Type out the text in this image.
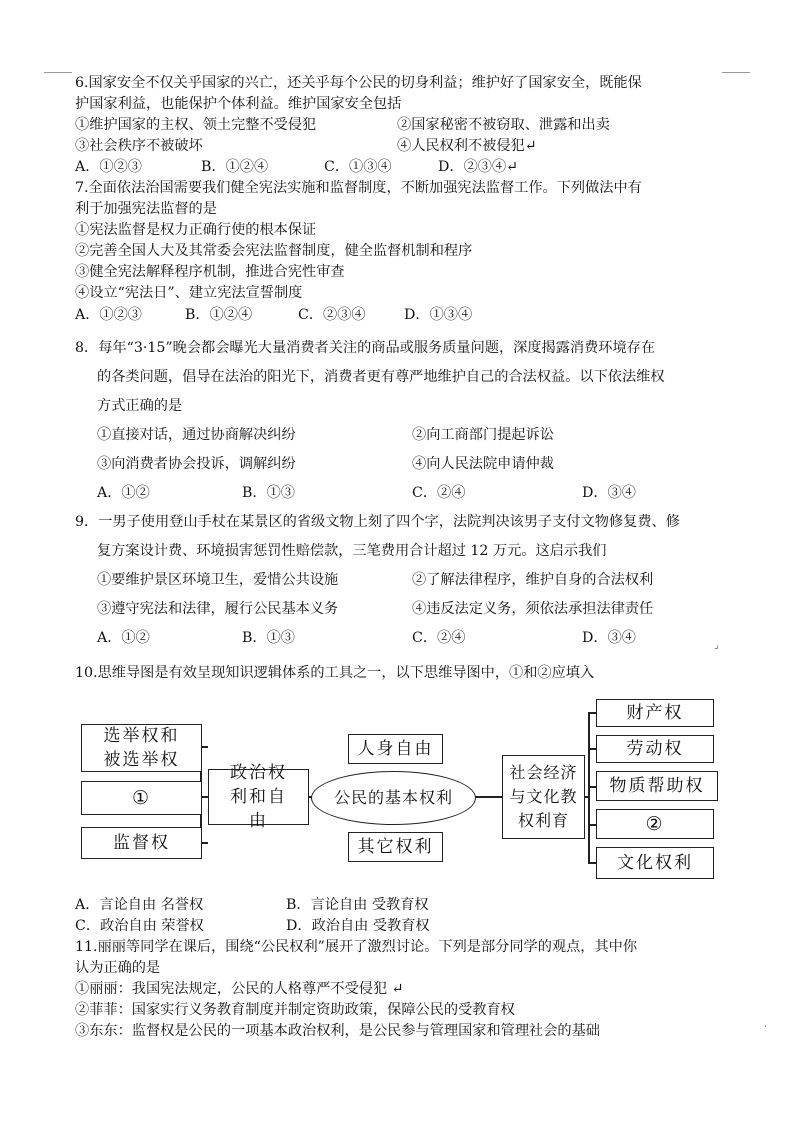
6.国家安全不仅关乎国家的兴亡，还关乎每个公民的切身利益；维护好了国家安全，既能保
护国家利益，也能保护个体利益。维护国家安全包括
①维护国家的主权、领土完整不受侵犯	②国家秘密不被窃取、泄露和出卖
③社会秩序不被破坏	④人民权利不被侵犯↵
A．①②③	B．①②④	C．①③④	D．②③④↵
7.全面依法治国需要我们健全宪法实施和监督制度，不断加强宪法监督工作。下列做法中有
利于加强宪法监督的是
①宪法监督是权力正确行使的根本保证
②完善全国人大及其常委会宪法监督制度，健全监督机制和程序
③健全宪法解释程序机制，推进合宪性审查
④设立“宪法日”、建立宪法宣誓制度
A．①②③	B．①②④	C．②③④	D．①③④
8．每年“3·15”晚会都会曝光大量消费者关注的商品或服务质量问题，深度揭露消费环境存在
的各类问题，倡导在法治的阳光下，消费者更有尊严地维护自己的合法权益。以下依法维权
方式正确的是
①直接对话，通过协商解决纠纷	②向工商部门提起诉讼
③向消费者协会投诉，调解纠纷	④向人民法院申请仲裁
A．①②	B．①③	C．②④	D．③④
9．一男子使用登山手杖在某景区的省级文物上刻了四个字，法院判决该男子支付文物修复费、修
复方案设计费、环境损害惩罚性赔偿款，三笔费用合计超过 12 万元。这启示我们
①要维护景区环境卫生，爱惜公共设施	②了解法律程序，维护自身的合法权利
③遵守宪法和法律，履行公民基本义务	④违反法定义务，须依法承担法律责任
A．①②	B．①③	C．②④	D．③④	⌟
10.思维导图是有效呈现知识逻辑体系的工具之一，以下思维导图中，①和②应填入
选举权和被选举权
①
监督权
政治权利和自由
公民的基本权利
人身自由
其它权利
社会经济与文化教权利育
财产权
劳动权
物质帮助权
②
文化权利
A．言论自由 名誉权	B．言论自由 受教育权
C．政治自由 荣誉权	D．政治自由 受教育权
11.丽丽等同学在课后，围绕“公民权利”展开了激烈讨论。下列是部分同学的观点，其中你
认为正确的是
①丽丽：我国宪法规定，公民的人格尊严不受侵犯 ↵
②菲菲：国家实行义务教育制度并制定资助政策，保障公民的受教育权
③东东：监督权是公民的一项基本政治权利，是公民参与管理国家和管理社会的基础	·
